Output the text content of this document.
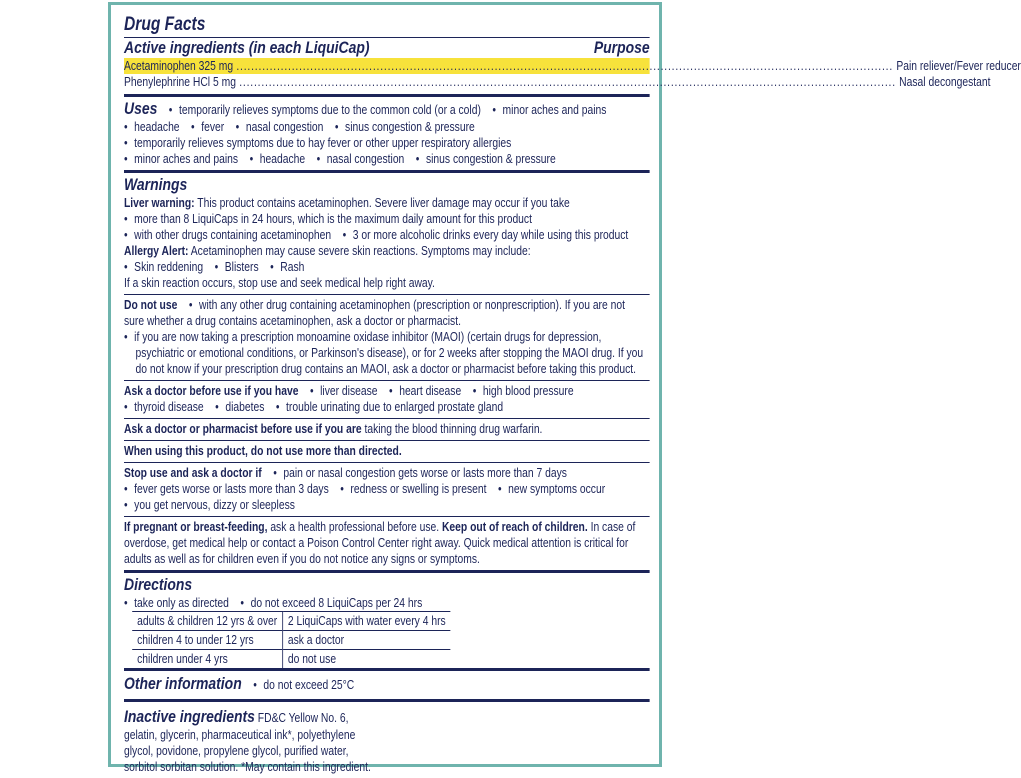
Drug Facts
Active ingredients (in each LiquiCap)	Purpose
Acetaminophen 325 mg .................................................................................................................................................................................. Pain reliever/Fever reducer
Phenylephrine HCl 5 mg .................................................................................................................................................................................. Nasal decongestant
Uses • temporarily relieves symptoms due to the common cold (or a cold) • minor aches and pains
• headache • fever • nasal congestion • sinus congestion & pressure
• temporarily relieves symptoms due to hay fever or other upper respiratory allergies
• minor aches and pains • headache • nasal congestion • sinus congestion & pressure
Warnings
Liver warning: This product contains acetaminophen. Severe liver damage may occur if you take
• more than 8 LiquiCaps in 24 hours, which is the maximum daily amount for this product
• with other drugs containing acetaminophen • 3 or more alcoholic drinks every day while using this product
Allergy Alert: Acetaminophen may cause severe skin reactions. Symptoms may include:
• Skin reddening • Blisters • Rash
If a skin reaction occurs, stop use and seek medical help right away.
Do not use • with any other drug containing acetaminophen (prescription or nonprescription). If you are not
sure whether a drug contains acetaminophen, ask a doctor or pharmacist.
• if you are now taking a prescription monoamine oxidase inhibitor (MAOI) (certain drugs for depression,
psychiatric or emotional conditions, or Parkinson's disease), or for 2 weeks after stopping the MAOI drug. If you
do not know if your prescription drug contains an MAOI, ask a doctor or pharmacist before taking this product.
Ask a doctor before use if you have • liver disease • heart disease • high blood pressure
• thyroid disease • diabetes • trouble urinating due to enlarged prostate gland
Ask a doctor or pharmacist before use if you are taking the blood thinning drug warfarin.
When using this product, do not use more than directed.
Stop use and ask a doctor if • pain or nasal congestion gets worse or lasts more than 7 days
• fever gets worse or lasts more than 3 days • redness or swelling is present • new symptoms occur
• you get nervous, dizzy or sleepless
If pregnant or breast-feeding, ask a health professional before use. Keep out of reach of children. In case of
overdose, get medical help or contact a Poison Control Center right away. Quick medical attention is critical for
adults as well as for children even if you do not notice any signs or symptoms.
Directions
• take only as directed • do not exceed 8 LiquiCaps per 24 hrs
adults & children 12 yrs & over	2 LiquiCaps with water every 4 hrs
children 4 to under 12 yrs	ask a doctor
children under 4 yrs	do not use
Other information • do not exceed 25°C
Inactive ingredients FD&C Yellow No. 6,
gelatin, glycerin, pharmaceutical ink*, polyethylene
glycol, povidone, propylene glycol, purified water,
sorbitol sorbitan solution. *May contain this ingredient.
